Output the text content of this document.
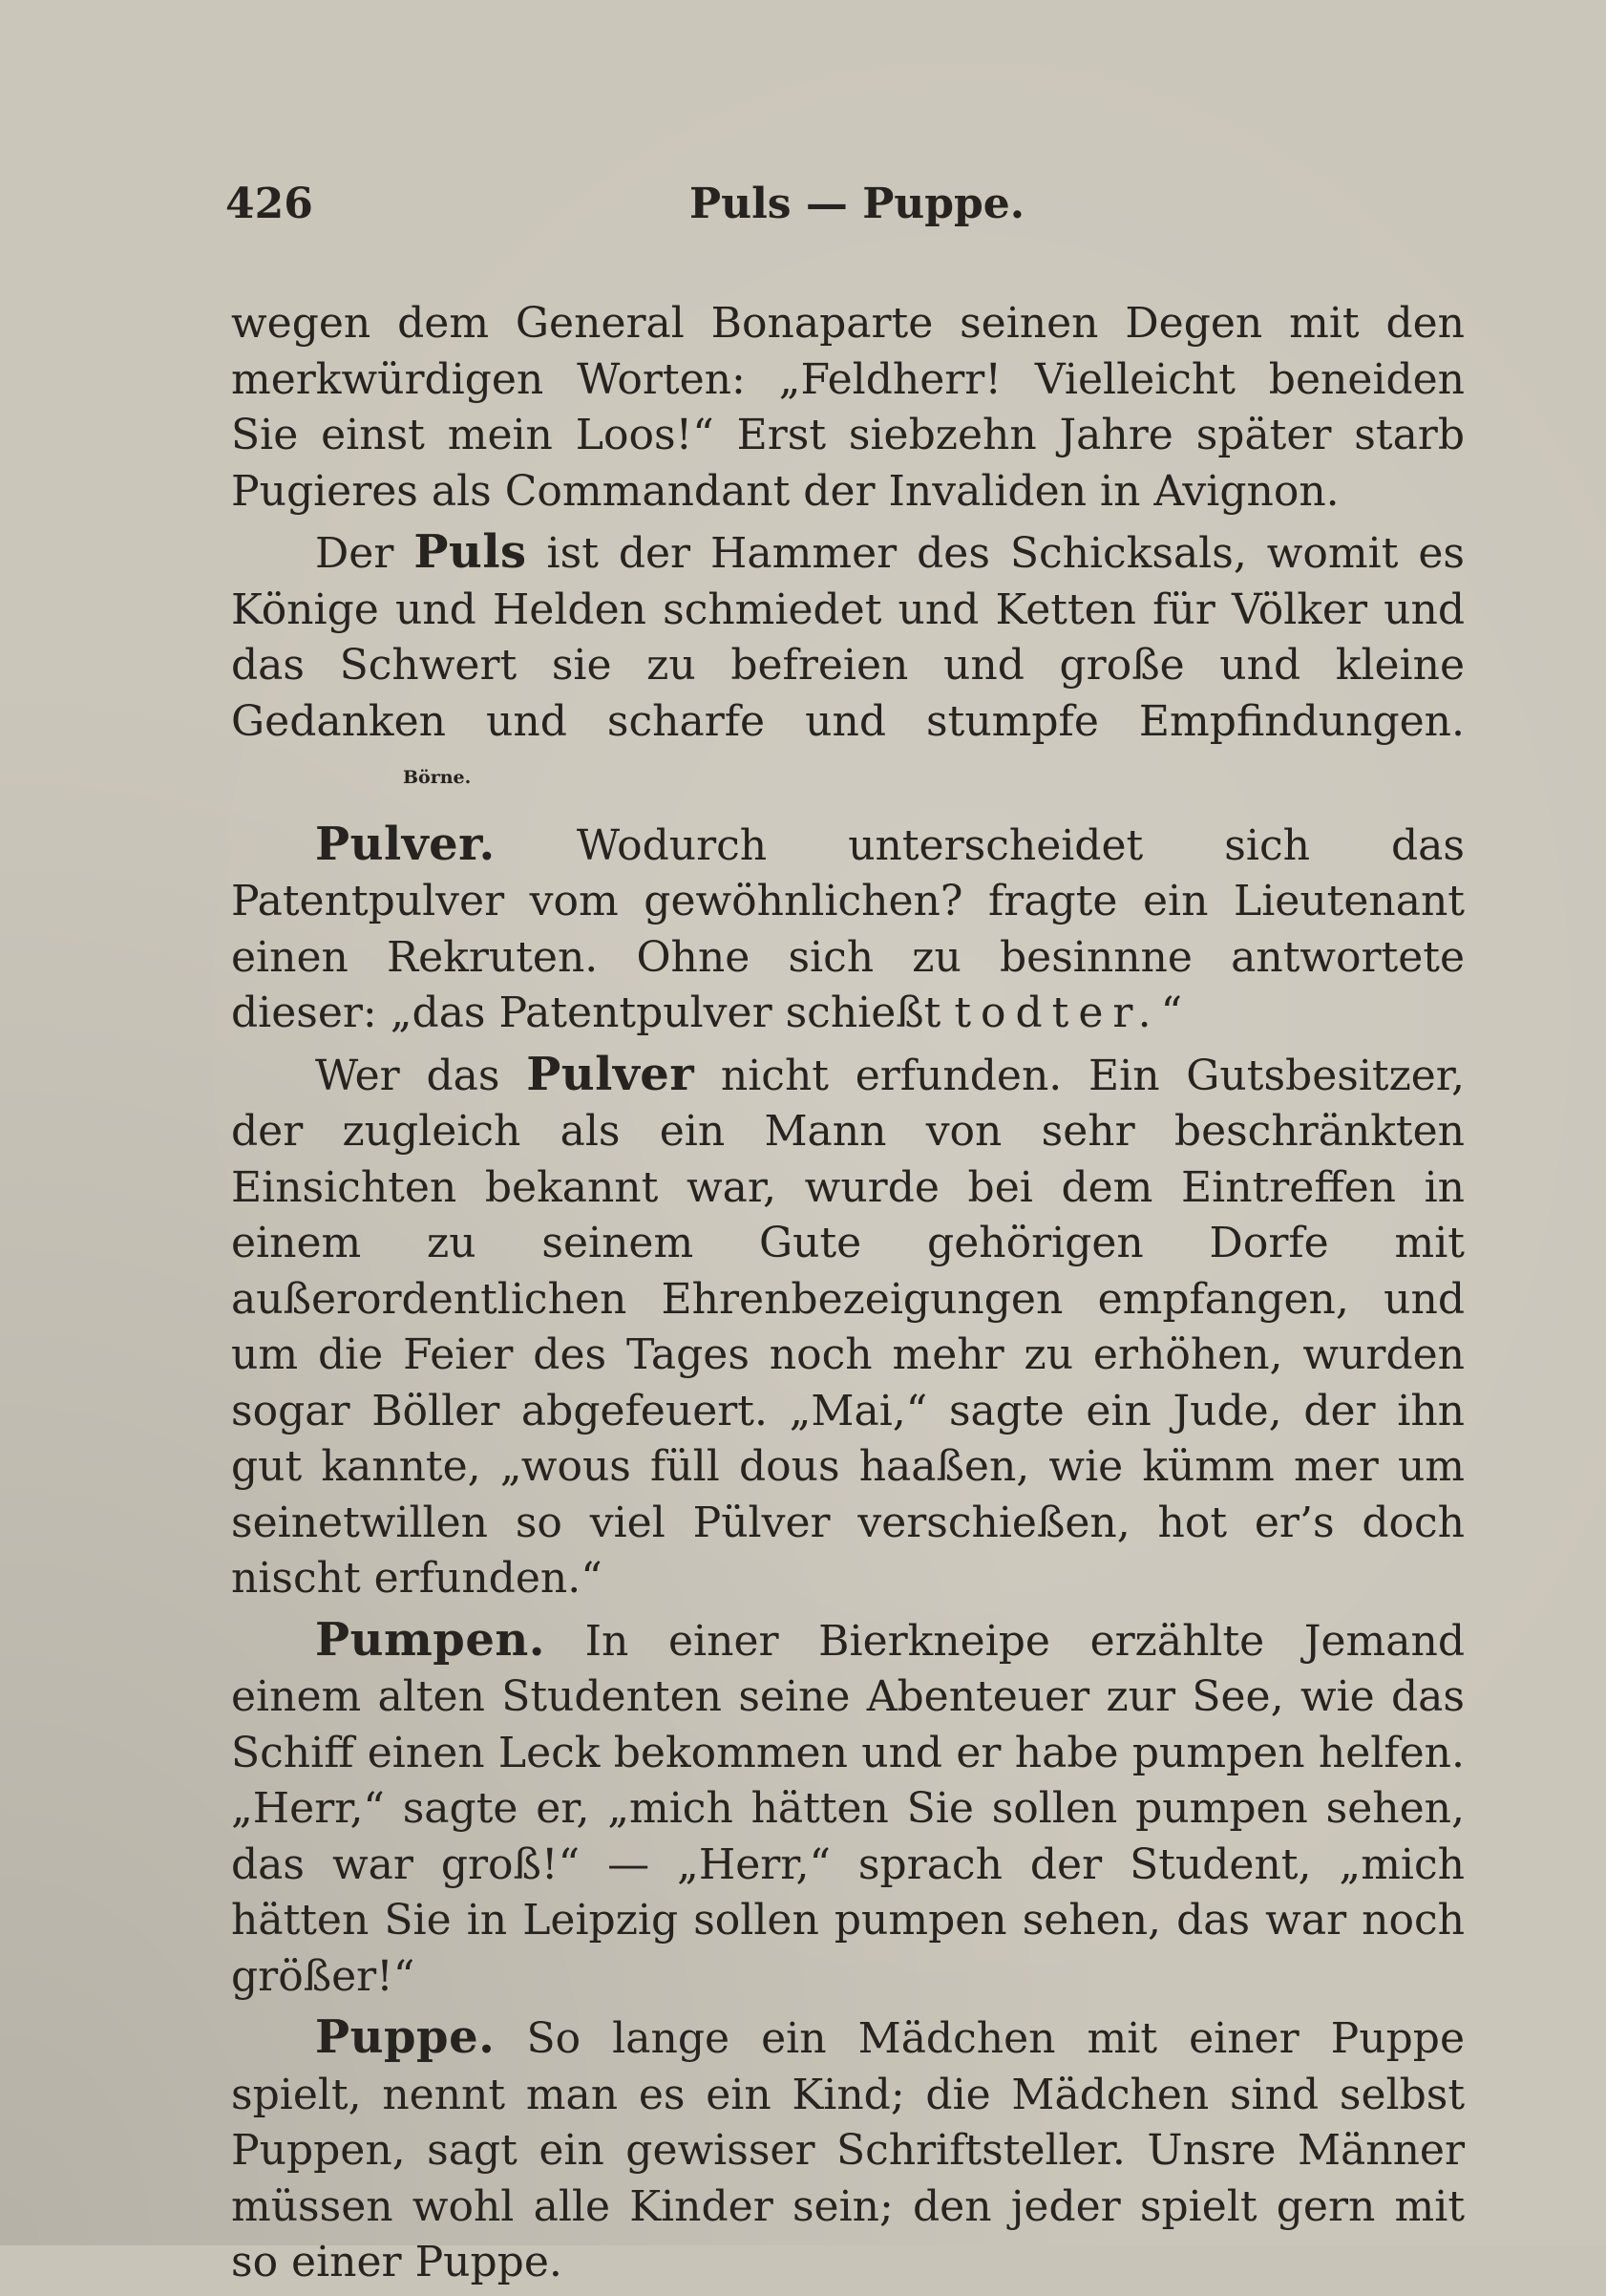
426	Puls — Puppe.

wegen dem General Bonaparte seinen Degen mit den merkwürdigen Worten: „Feldherr! Vielleicht beneiden Sie einst mein Loos!“ Erst siebzehn Jahre später starb Pugieres als Commandant der Invaliden in Avignon.

Der Puls ist der Hammer des Schicksals, womit es Könige und Helden schmiedet und Ketten für Völker und das Schwert sie zu befreien und große und kleine Gedanken und scharfe und stumpfe Empfindungen. $^{Börne.}$

Pulver. Wodurch unterscheidet sich das Patentpulver vom gewöhnlichen? fragte ein Lieutenant einen Rekruten. Ohne sich zu besinnne antwortete dieser: „das Patentpulver schießt todter.“

Wer das Pulver nicht erfunden. Ein Gutsbesitzer, der zugleich als ein Mann von sehr beschränkten Einsichten bekannt war, wurde bei dem Eintreffen in einem zu seinem Gute gehörigen Dorfe mit außerordentlichen Ehrenbezeigungen empfangen, und um die Feier des Tages noch mehr zu erhöhen, wurden sogar Böller abgefeuert. „Mai,“ sagte ein Jude, der ihn gut kannte, „wous füll dous haaßen, wie kümm mer um seinetwillen so viel Pülver verschießen, hot er’s doch nischt erfunden.“

Pumpen. In einer Bierkneipe erzählte Jemand einem alten Studenten seine Abenteuer zur See, wie das Schiff einen Leck bekommen und er habe pumpen helfen. „Herr,“ sagte er, „mich hätten Sie sollen pumpen sehen, das war groß!“ — „Herr,“ sprach der Student, „mich hätten Sie in Leipzig sollen pumpen sehen, das war noch größer!“

Puppe. So lange ein Mädchen mit einer Puppe spielt, nennt man es ein Kind; die Mädchen sind selbst Puppen, sagt ein gewisser Schriftsteller. Unsre Männer müssen wohl alle Kinder sein; den jeder spielt gern mit so einer Puppe.
